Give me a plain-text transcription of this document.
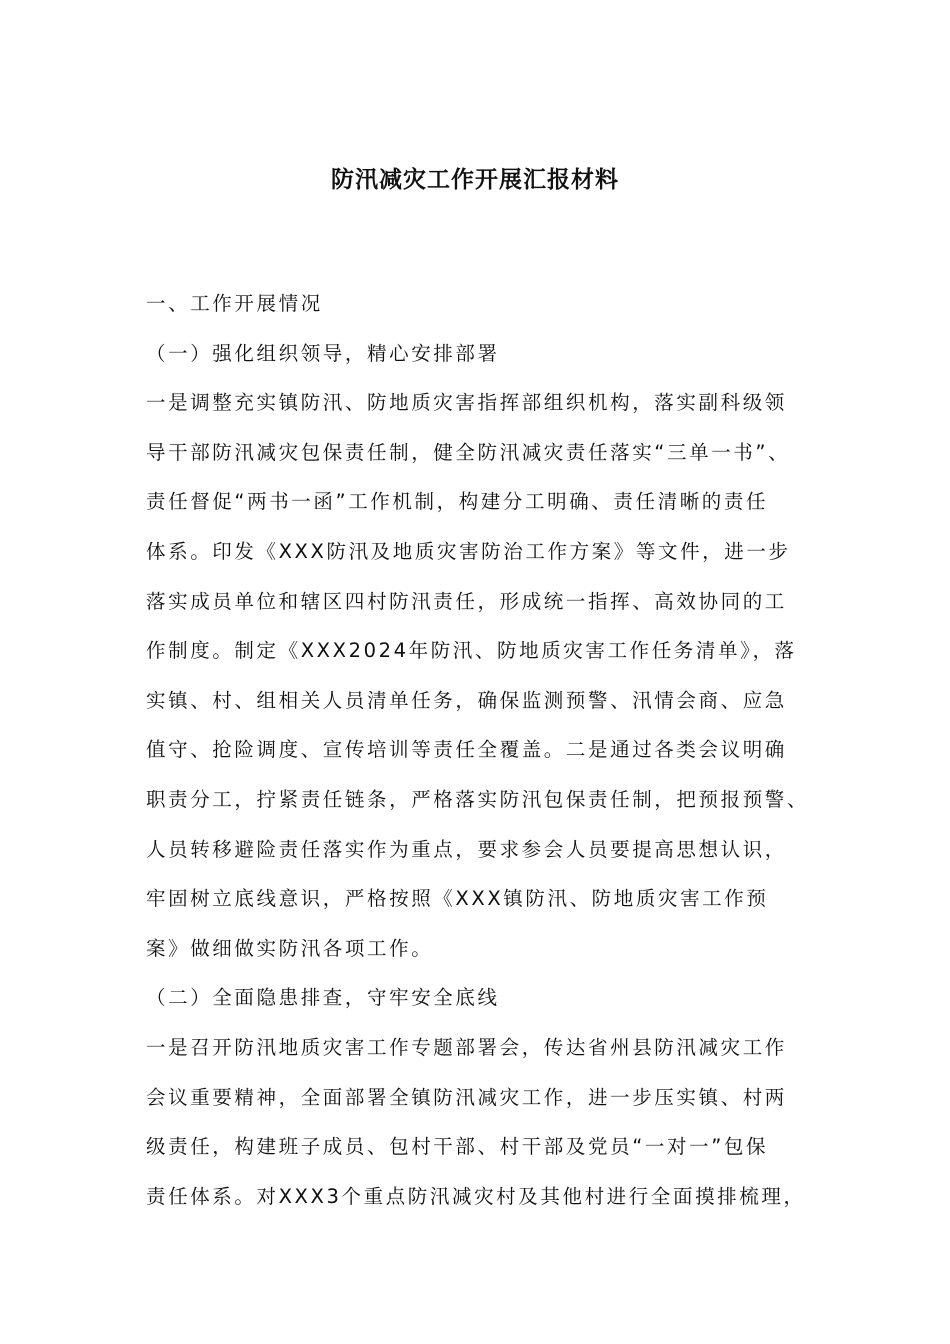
防汛减灾工作开展汇报材料
一、工作开展情况
（一）强化组织领导，精心安排部署
一是调整充实镇防汛、防地质灾害指挥部组织机构，落实副科级领
导干部防汛减灾包保责任制，健全防汛减灾责任落实“三单一书”、
责任督促“两书一函”工作机制，构建分工明确、责任清晰的责任
体系。印发《XXX防汛及地质灾害防治工作方案》等文件，进一步
落实成员单位和辖区四村防汛责任，形成统一指挥、高效协同的工
作制度。制定《XXX2024年防汛、防地质灾害工作任务清单》，落
实镇、村、组相关人员清单任务，确保监测预警、汛情会商、应急
值守、抢险调度、宣传培训等责任全覆盖。二是通过各类会议明确
职责分工，拧紧责任链条，严格落实防汛包保责任制，把预报预警、
人员转移避险责任落实作为重点，要求参会人员要提高思想认识，
牢固树立底线意识，严格按照《XXX镇防汛、防地质灾害工作预
案》做细做实防汛各项工作。
（二）全面隐患排查，守牢安全底线
一是召开防汛地质灾害工作专题部署会，传达省州县防汛减灾工作
会议重要精神，全面部署全镇防汛减灾工作，进一步压实镇、村两
级责任，构建班子成员、包村干部、村干部及党员“一对一”包保
责任体系。对XXX3个重点防汛减灾村及其他村进行全面摸排梳理，
